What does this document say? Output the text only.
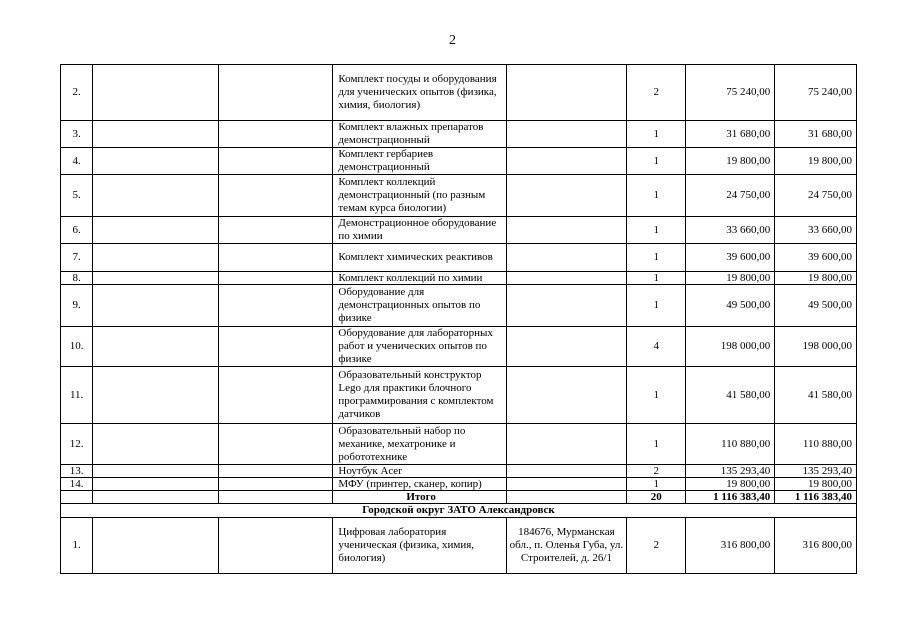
2
2.			Комплект посуды и оборудования для ученических опытов (физика, химия, биология)		2	75 240,00	75 240,00
3.			Комплект влажных препаратов демонстрационный		1	31 680,00	31 680,00
4.			Комплект гербариев демонстрационный		1	19 800,00	19 800,00
5.			Комплект коллекций демонстрационный (по разным темам курса биологии)		1	24 750,00	24 750,00
6.			Демонстрационное оборудование по химии		1	33 660,00	33 660,00
7.			Комплект химических реактивов		1	39 600,00	39 600,00
8.			Комплект коллекций по химии		1	19 800,00	19 800,00
9.			Оборудование для демонстрационных опытов по физике		1	49 500,00	49 500,00
10.			Оборудование для лабораторных работ и ученических опытов по физике		4	198 000,00	198 000,00
11.			Образовательный конструктор Lego для практики блочного программирования с комплектом датчиков		1	41 580,00	41 580,00
12.			Образовательный набор по механике, мехатронике и робототехнике		1	110 880,00	110 880,00
13.			Ноутбук Acer		2	135 293,40	135 293,40
14.			МФУ (принтер, сканер, копир)		1	19 800,00	19 800,00
			Итого		20	1 116 383,40	1 116 383,40
Городской округ ЗАТО Александровск							
1.			Цифровая лаборатория ученическая (физика, химия, биология)	184676, Мурманская обл., п. Оленья Губа, ул. Строителей, д. 26/1	2	316 800,00	316 800,00
